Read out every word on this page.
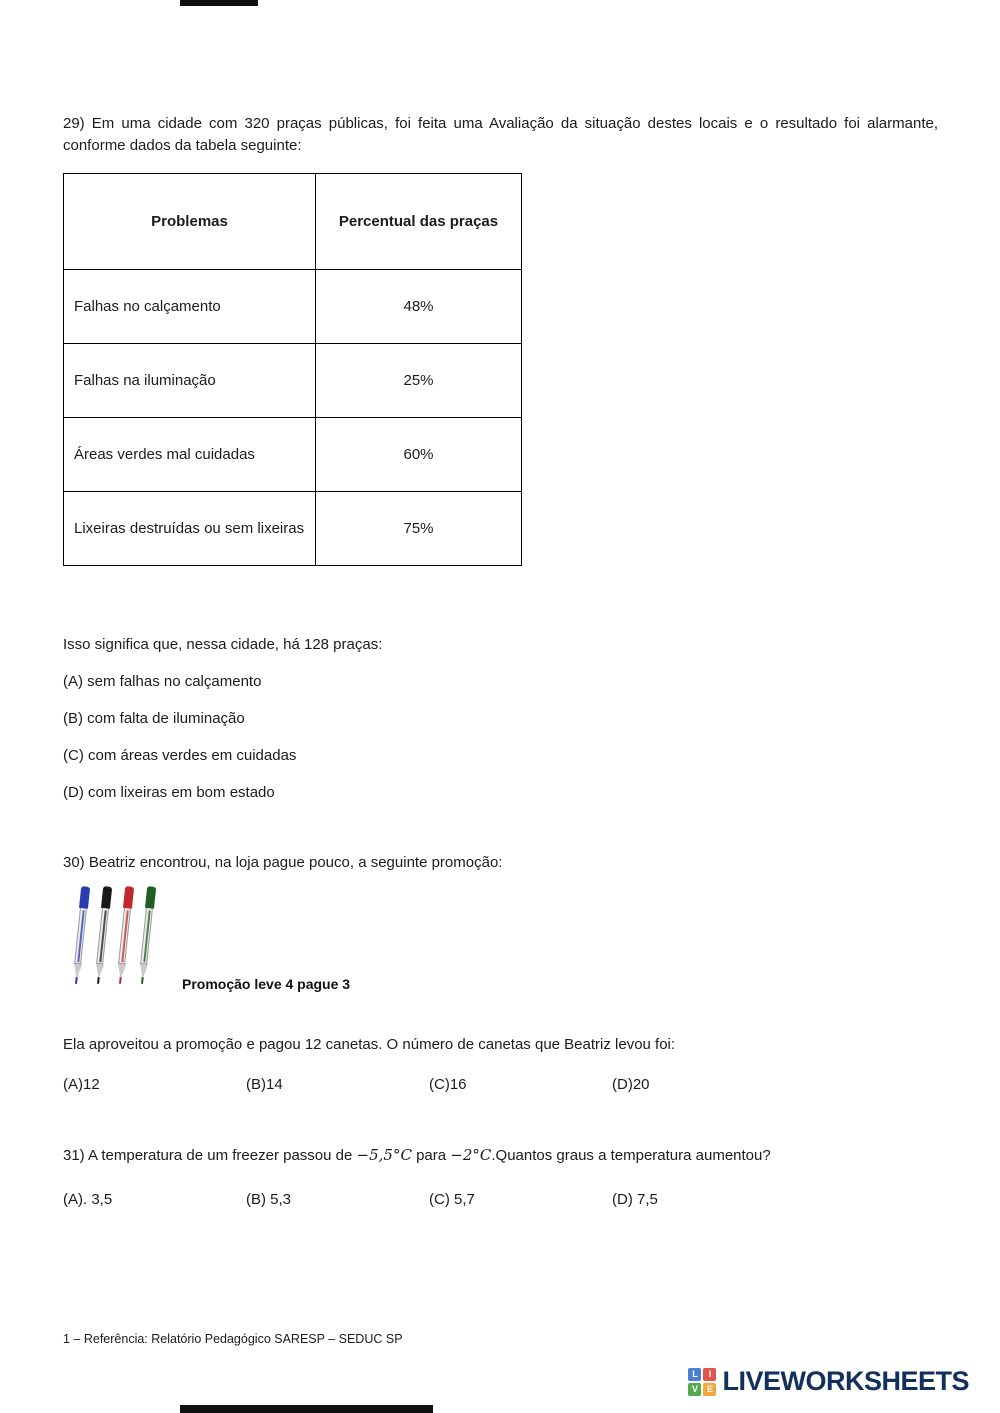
29) Em uma cidade com 320 praças públicas, foi feita uma Avaliação da situação destes locais e o resultado foi alarmante, conforme dados da tabela seguinte:

Problemas	Percentual das praças
Falhas no calçamento	48%
Falhas na iluminação	25%
Áreas verdes mal cuidadas	60%
Lixeiras destruídas ou sem lixeiras	75%

Isso significa que, nessa cidade, há 128 praças:

(A) sem falhas no calçamento

(B) com falta de iluminação

(C) com áreas verdes em cuidadas

(D) com lixeiras em bom estado

30) Beatriz encontrou, na loja pague pouco, a seguinte promoção:

Promoção leve 4 pague 3

Ela aproveitou a promoção e pagou 12 canetas. O número de canetas que Beatriz levou foi:

(A)12	(B)14	(C)16	(D)20

31) A temperatura de um freezer passou de −5,5°C para −2°C.Quantos graus a temperatura aumentou?

(A). 3,5	(B) 5,3	(C) 5,7	(D) 7,5

1 – Referência: Relatório Pedagógico SARESP – SEDUC SP

L	I
V E LIVEWORKSHEETS
